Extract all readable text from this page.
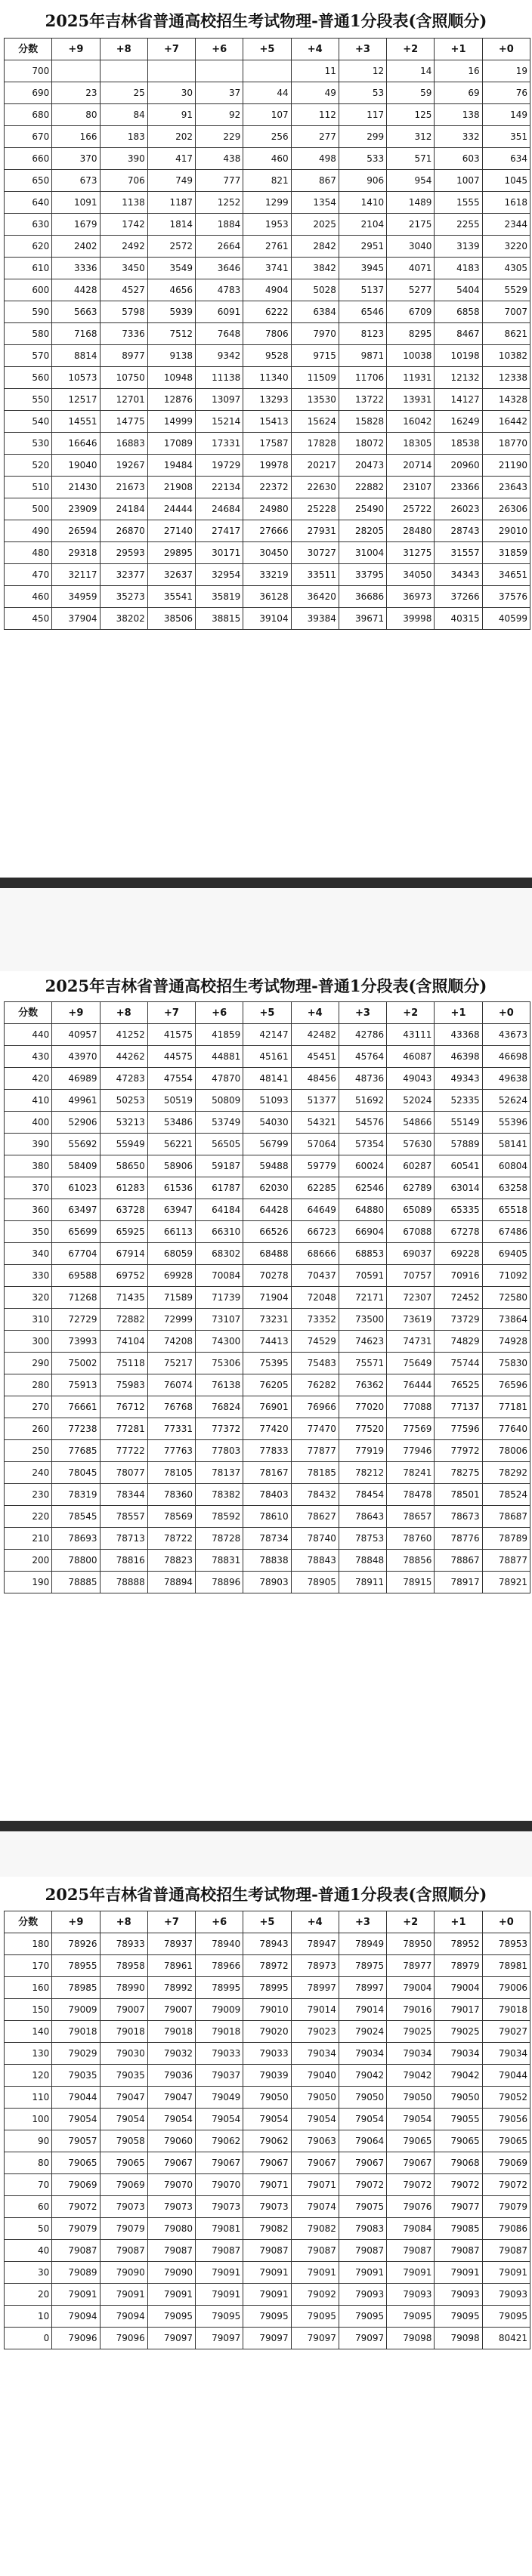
2025年吉林省普通高校招生考试物理-普通1分段表(含照顺分)
分数	+9	+8	+7	+6	+5	+4	+3	+2	+1	+0
700						11	12	14	16	19
690	23	25	30	37	44	49	53	59	69	76
680	80	84	91	92	107	112	117	125	138	149
670	166	183	202	229	256	277	299	312	332	351
660	370	390	417	438	460	498	533	571	603	634
650	673	706	749	777	821	867	906	954	1007	1045
640	1091	1138	1187	1252	1299	1354	1410	1489	1555	1618
630	1679	1742	1814	1884	1953	2025	2104	2175	2255	2344
620	2402	2492	2572	2664	2761	2842	2951	3040	3139	3220
610	3336	3450	3549	3646	3741	3842	3945	4071	4183	4305
600	4428	4527	4656	4783	4904	5028	5137	5277	5404	5529
590	5663	5798	5939	6091	6222	6384	6546	6709	6858	7007
580	7168	7336	7512	7648	7806	7970	8123	8295	8467	8621
570	8814	8977	9138	9342	9528	9715	9871	10038	10198	10382
560	10573	10750	10948	11138	11340	11509	11706	11931	12132	12338
550	12517	12701	12876	13097	13293	13530	13722	13931	14127	14328
540	14551	14775	14999	15214	15413	15624	15828	16042	16249	16442
530	16646	16883	17089	17331	17587	17828	18072	18305	18538	18770
520	19040	19267	19484	19729	19978	20217	20473	20714	20960	21190
510	21430	21673	21908	22134	22372	22630	22882	23107	23366	23643
500	23909	24184	24444	24684	24980	25228	25490	25722	26023	26306
490	26594	26870	27140	27417	27666	27931	28205	28480	28743	29010
480	29318	29593	29895	30171	30450	30727	31004	31275	31557	31859
470	32117	32377	32637	32954	33219	33511	33795	34050	34343	34651
460	34959	35273	35541	35819	36128	36420	36686	36973	37266	37576
450	37904	38202	38506	38815	39104	39384	39671	39998	40315	40599
2025年吉林省普通高校招生考试物理-普通1分段表(含照顺分)
分数	+9	+8	+7	+6	+5	+4	+3	+2	+1	+0
440	40957	41252	41575	41859	42147	42482	42786	43111	43368	43673
430	43970	44262	44575	44881	45161	45451	45764	46087	46398	46698
420	46989	47283	47554	47870	48141	48456	48736	49043	49343	49638
410	49961	50253	50519	50809	51093	51377	51692	52024	52335	52624
400	52906	53213	53486	53749	54030	54321	54576	54866	55149	55396
390	55692	55949	56221	56505	56799	57064	57354	57630	57889	58141
380	58409	58650	58906	59187	59488	59779	60024	60287	60541	60804
370	61023	61283	61536	61787	62030	62285	62546	62789	63014	63258
360	63497	63728	63947	64184	64428	64649	64880	65089	65335	65518
350	65699	65925	66113	66310	66526	66723	66904	67088	67278	67486
340	67704	67914	68059	68302	68488	68666	68853	69037	69228	69405
330	69588	69752	69928	70084	70278	70437	70591	70757	70916	71092
320	71268	71435	71589	71739	71904	72048	72171	72307	72452	72580
310	72729	72882	72999	73107	73231	73352	73500	73619	73729	73864
300	73993	74104	74208	74300	74413	74529	74623	74731	74829	74928
290	75002	75118	75217	75306	75395	75483	75571	75649	75744	75830
280	75913	75983	76074	76138	76205	76282	76362	76444	76525	76596
270	76661	76712	76768	76824	76901	76966	77020	77088	77137	77181
260	77238	77281	77331	77372	77420	77470	77520	77569	77596	77640
250	77685	77722	77763	77803	77833	77877	77919	77946	77972	78006
240	78045	78077	78105	78137	78167	78185	78212	78241	78275	78292
230	78319	78344	78360	78382	78403	78432	78454	78478	78501	78524
220	78545	78557	78569	78592	78610	78627	78643	78657	78673	78687
210	78693	78713	78722	78728	78734	78740	78753	78760	78776	78789
200	78800	78816	78823	78831	78838	78843	78848	78856	78867	78877
190	78885	78888	78894	78896	78903	78905	78911	78915	78917	78921
2025年吉林省普通高校招生考试物理-普通1分段表(含照顺分)
分数	+9	+8	+7	+6	+5	+4	+3	+2	+1	+0
180	78926	78933	78937	78940	78943	78947	78949	78950	78952	78953
170	78955	78958	78961	78966	78972	78973	78975	78977	78979	78981
160	78985	78990	78992	78995	78995	78997	78997	79004	79004	79006
150	79009	79007	79007	79009	79010	79014	79014	79016	79017	79018
140	79018	79018	79018	79018	79020	79023	79024	79025	79025	79027
130	79029	79030	79032	79033	79033	79034	79034	79034	79034	79034
120	79035	79035	79036	79037	79039	79040	79042	79042	79042	79044
110	79044	79047	79047	79049	79050	79050	79050	79050	79050	79052
100	79054	79054	79054	79054	79054	79054	79054	79054	79055	79056
90	79057	79058	79060	79062	79062	79063	79064	79065	79065	79065
80	79065	79065	79067	79067	79067	79067	79067	79067	79068	79069
70	79069	79069	79070	79070	79071	79071	79072	79072	79072	79072
60	79072	79073	79073	79073	79073	79074	79075	79076	79077	79079
50	79079	79079	79080	79081	79082	79082	79083	79084	79085	79086
40	79087	79087	79087	79087	79087	79087	79087	79087	79087	79087
30	79089	79090	79090	79091	79091	79091	79091	79091	79091	79091
20	79091	79091	79091	79091	79091	79092	79093	79093	79093	79093
10	79094	79094	79095	79095	79095	79095	79095	79095	79095	79095
0	79096	79096	79097	79097	79097	79097	79097	79098	79098	80421
